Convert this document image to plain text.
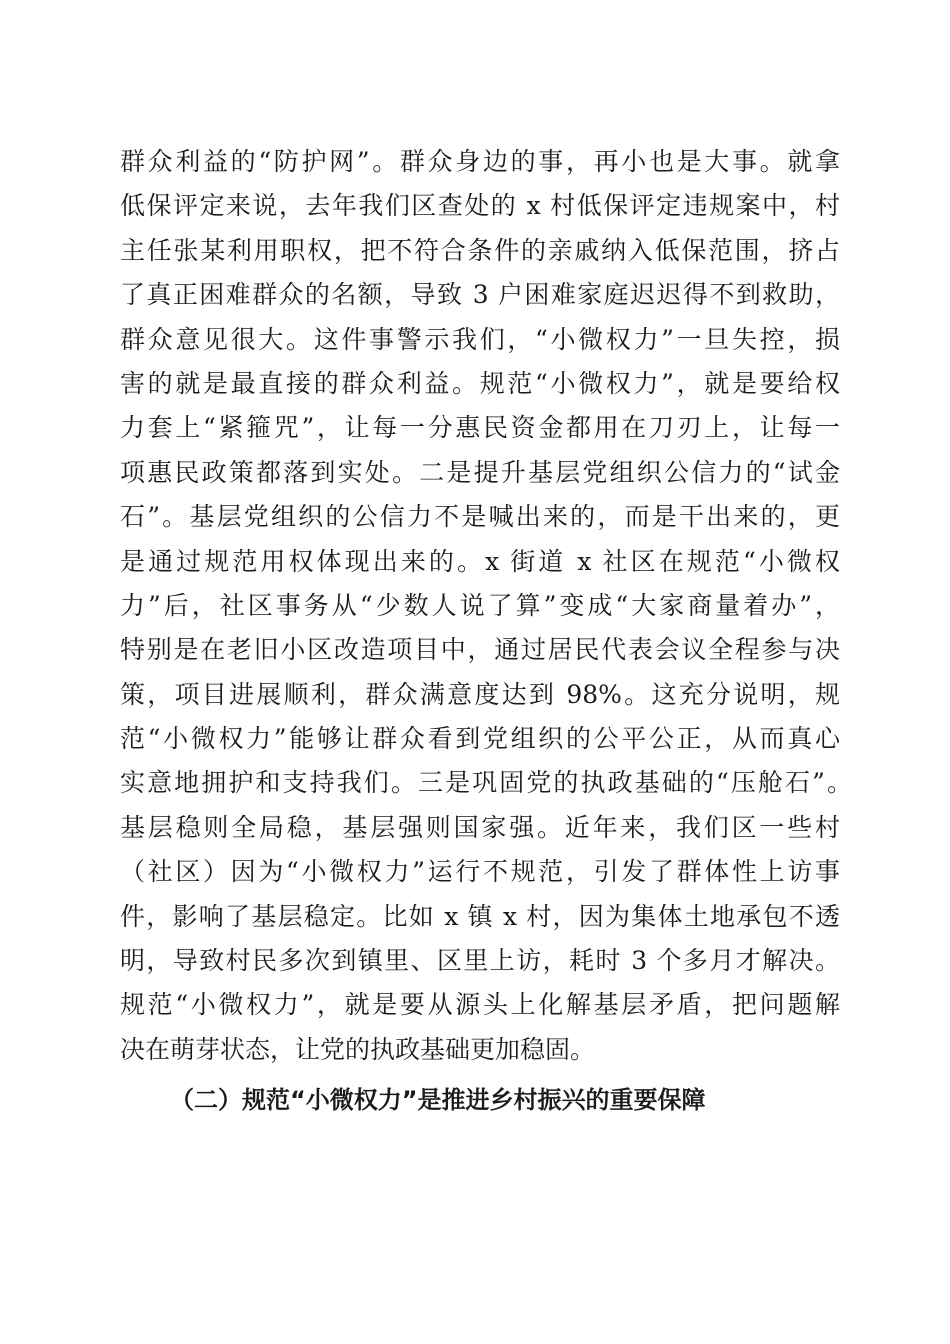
群众利益的“防护网”。群众身边的事，再小也是大事。就拿
低保评定来说，去年我们区查处的 x 村低保评定违规案中，村
主任张某利用职权，把不符合条件的亲戚纳入低保范围，挤占
了真正困难群众的名额，导致 3 户困难家庭迟迟得不到救助，
群众意见很大。这件事警示我们，“小微权力”一旦失控，损
害的就是最直接的群众利益。规范“小微权力”，就是要给权
力套上“紧箍咒”，让每一分惠民资金都用在刀刃上，让每一
项惠民政策都落到实处。二是提升基层党组织公信力的“试金
石”。基层党组织的公信力不是喊出来的，而是干出来的，更
是通过规范用权体现出来的。x 街道 x 社区在规范“小微权
力”后，社区事务从“少数人说了算”变成“大家商量着办”，
特别是在老旧小区改造项目中，通过居民代表会议全程参与决
策，项目进展顺利，群众满意度达到 98%。这充分说明，规
范“小微权力”能够让群众看到党组织的公平公正，从而真心
实意地拥护和支持我们。三是巩固党的执政基础的“压舱石”。
基层稳则全局稳，基层强则国家强。近年来，我们区一些村
（社区）因为“小微权力”运行不规范，引发了群体性上访事
件，影响了基层稳定。比如 x 镇 x 村，因为集体土地承包不透
明，导致村民多次到镇里、区里上访，耗时 3 个多月才解决。
规范“小微权力”，就是要从源头上化解基层矛盾，把问题解
决在萌芽状态，让党的执政基础更加稳固。
（二）规范“小微权力”是推进乡村振兴的重要保障
